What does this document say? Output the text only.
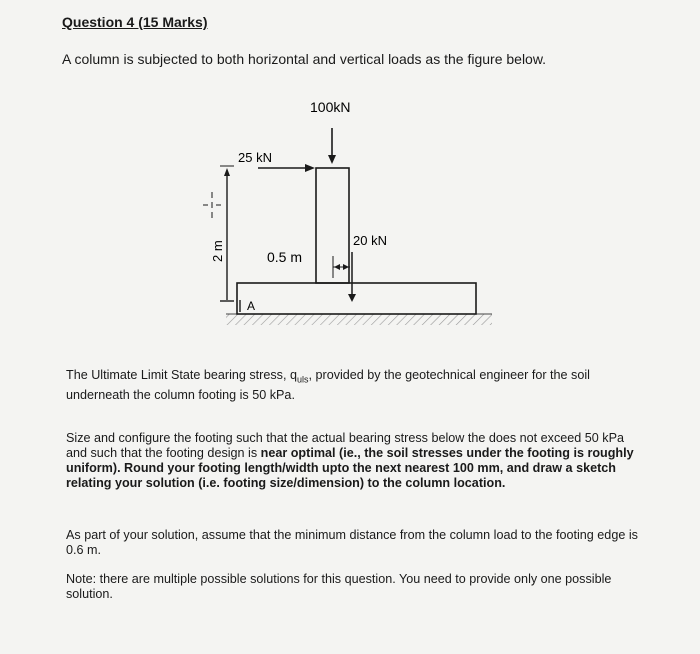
Question 4 (15 Marks)

A column is subjected to both horizontal and vertical loads as the figure below.

100kN
25 kN
20 kN
0.5 m
2 m
A

The Ultimate Limit State bearing stress, $q_{uls}$, provided by the geotechnical engineer for the soil underneath the column footing is 50 kPa.

Size and configure the footing such that the actual bearing stress below the does not exceed 50 kPa and such that the footing design is near optimal (ie., the soil stresses under the footing is roughly uniform). Round your footing length/width upto the next nearest 100 mm, and draw a sketch relating your solution (i.e. footing size/dimension) to the column location.

As part of your solution, assume that the minimum distance from the column load to the footing edge is 0.6 m.

Note: there are multiple possible solutions for this question. You need to provide only one possible solution.
